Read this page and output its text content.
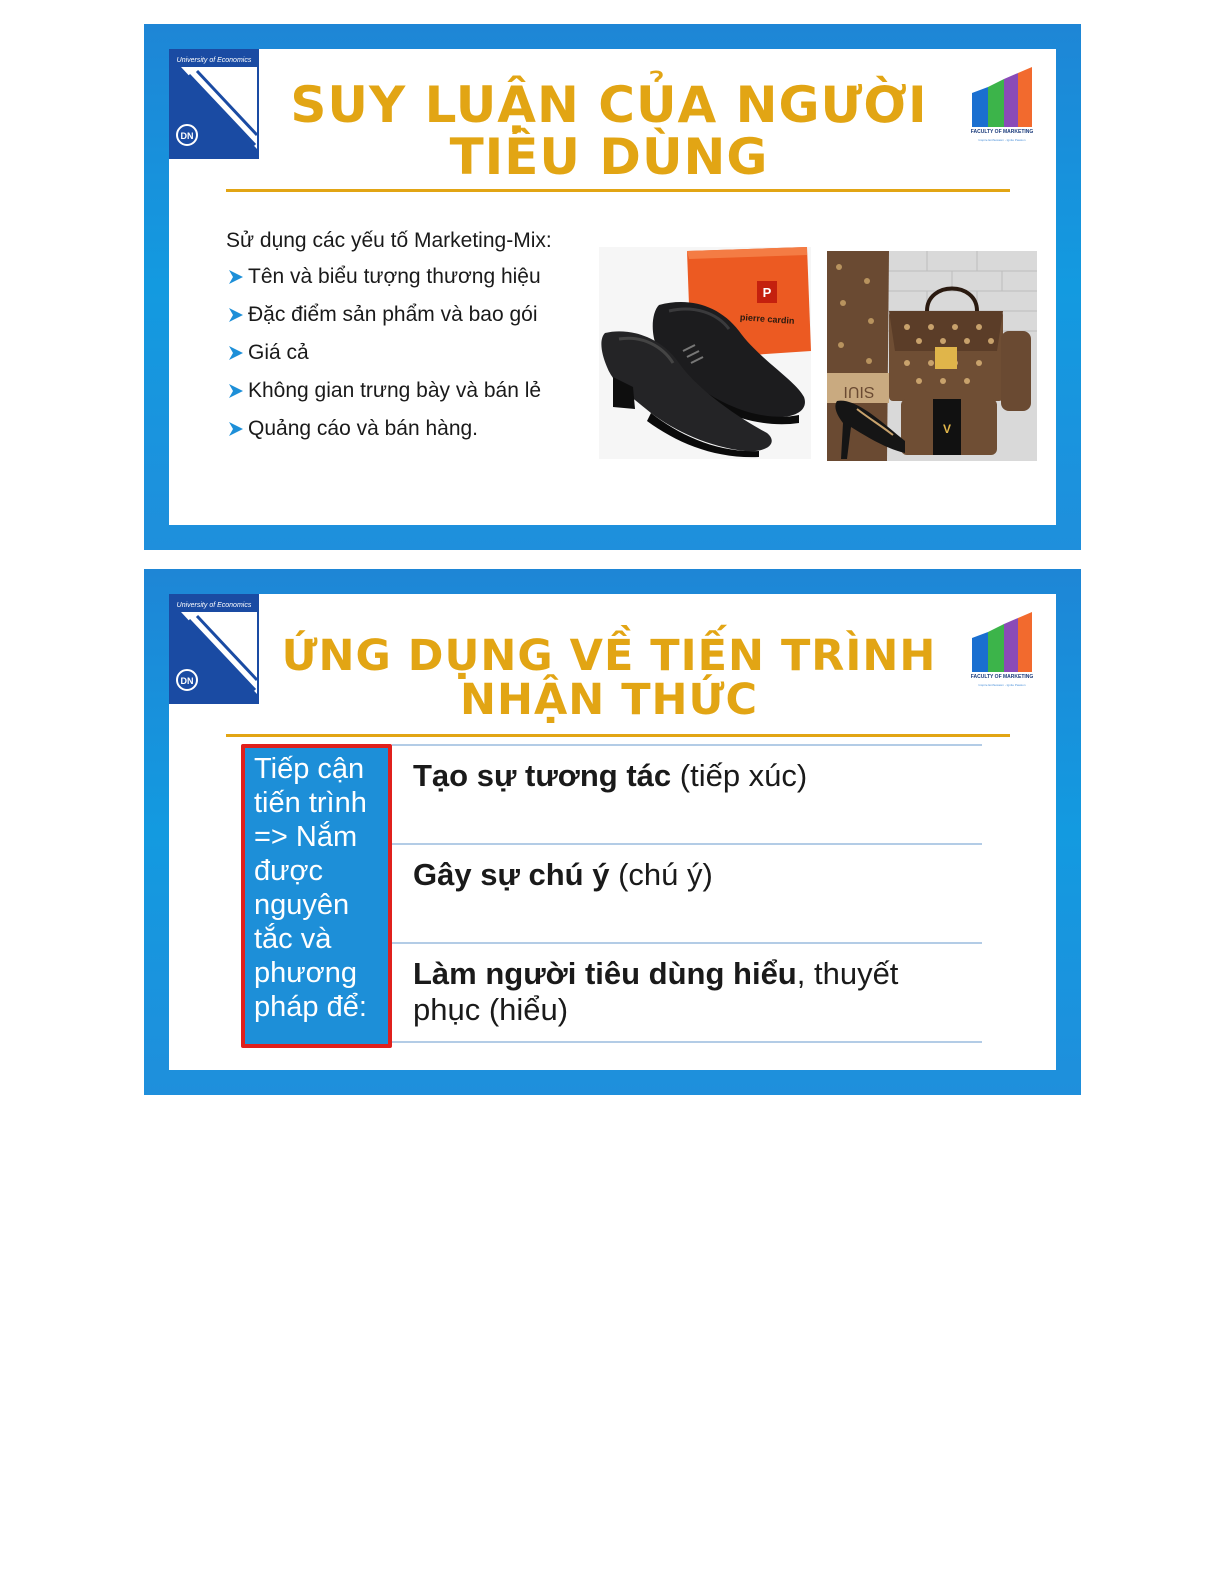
University of Economics
DN
SUY LUẬN CỦA NGƯỜI
TIÊU DÙNG	FACULTY OF MARKETING
Inspire Enthusiasm - Ignite Passion
Sử dụng các yếu tố Marketing-Mix:
Tên và biểu tượng thương hiệu
Đặc điểm sản phẩm và bao gói
Giá cả
Không gian trưng bày và bán lẻ
Quảng cáo và bán hàng.
P
pierre cardin
SIUI
V
University of Economics
DN ỨNG DỤNG VỀ TIẾN TRÌNH
NHẬN THỨC	FACULTY OF MARKETING
Inspire Enthusiasm - Ignite Passion
Tiếp cận tiến trình => Nắm được nguyên tắc và phương pháp để:
Tạo sự tương tác (tiếp xúc)
Gây sự chú ý (chú ý)
Làm người tiêu dùng hiểu, thuyết phục (hiểu)
